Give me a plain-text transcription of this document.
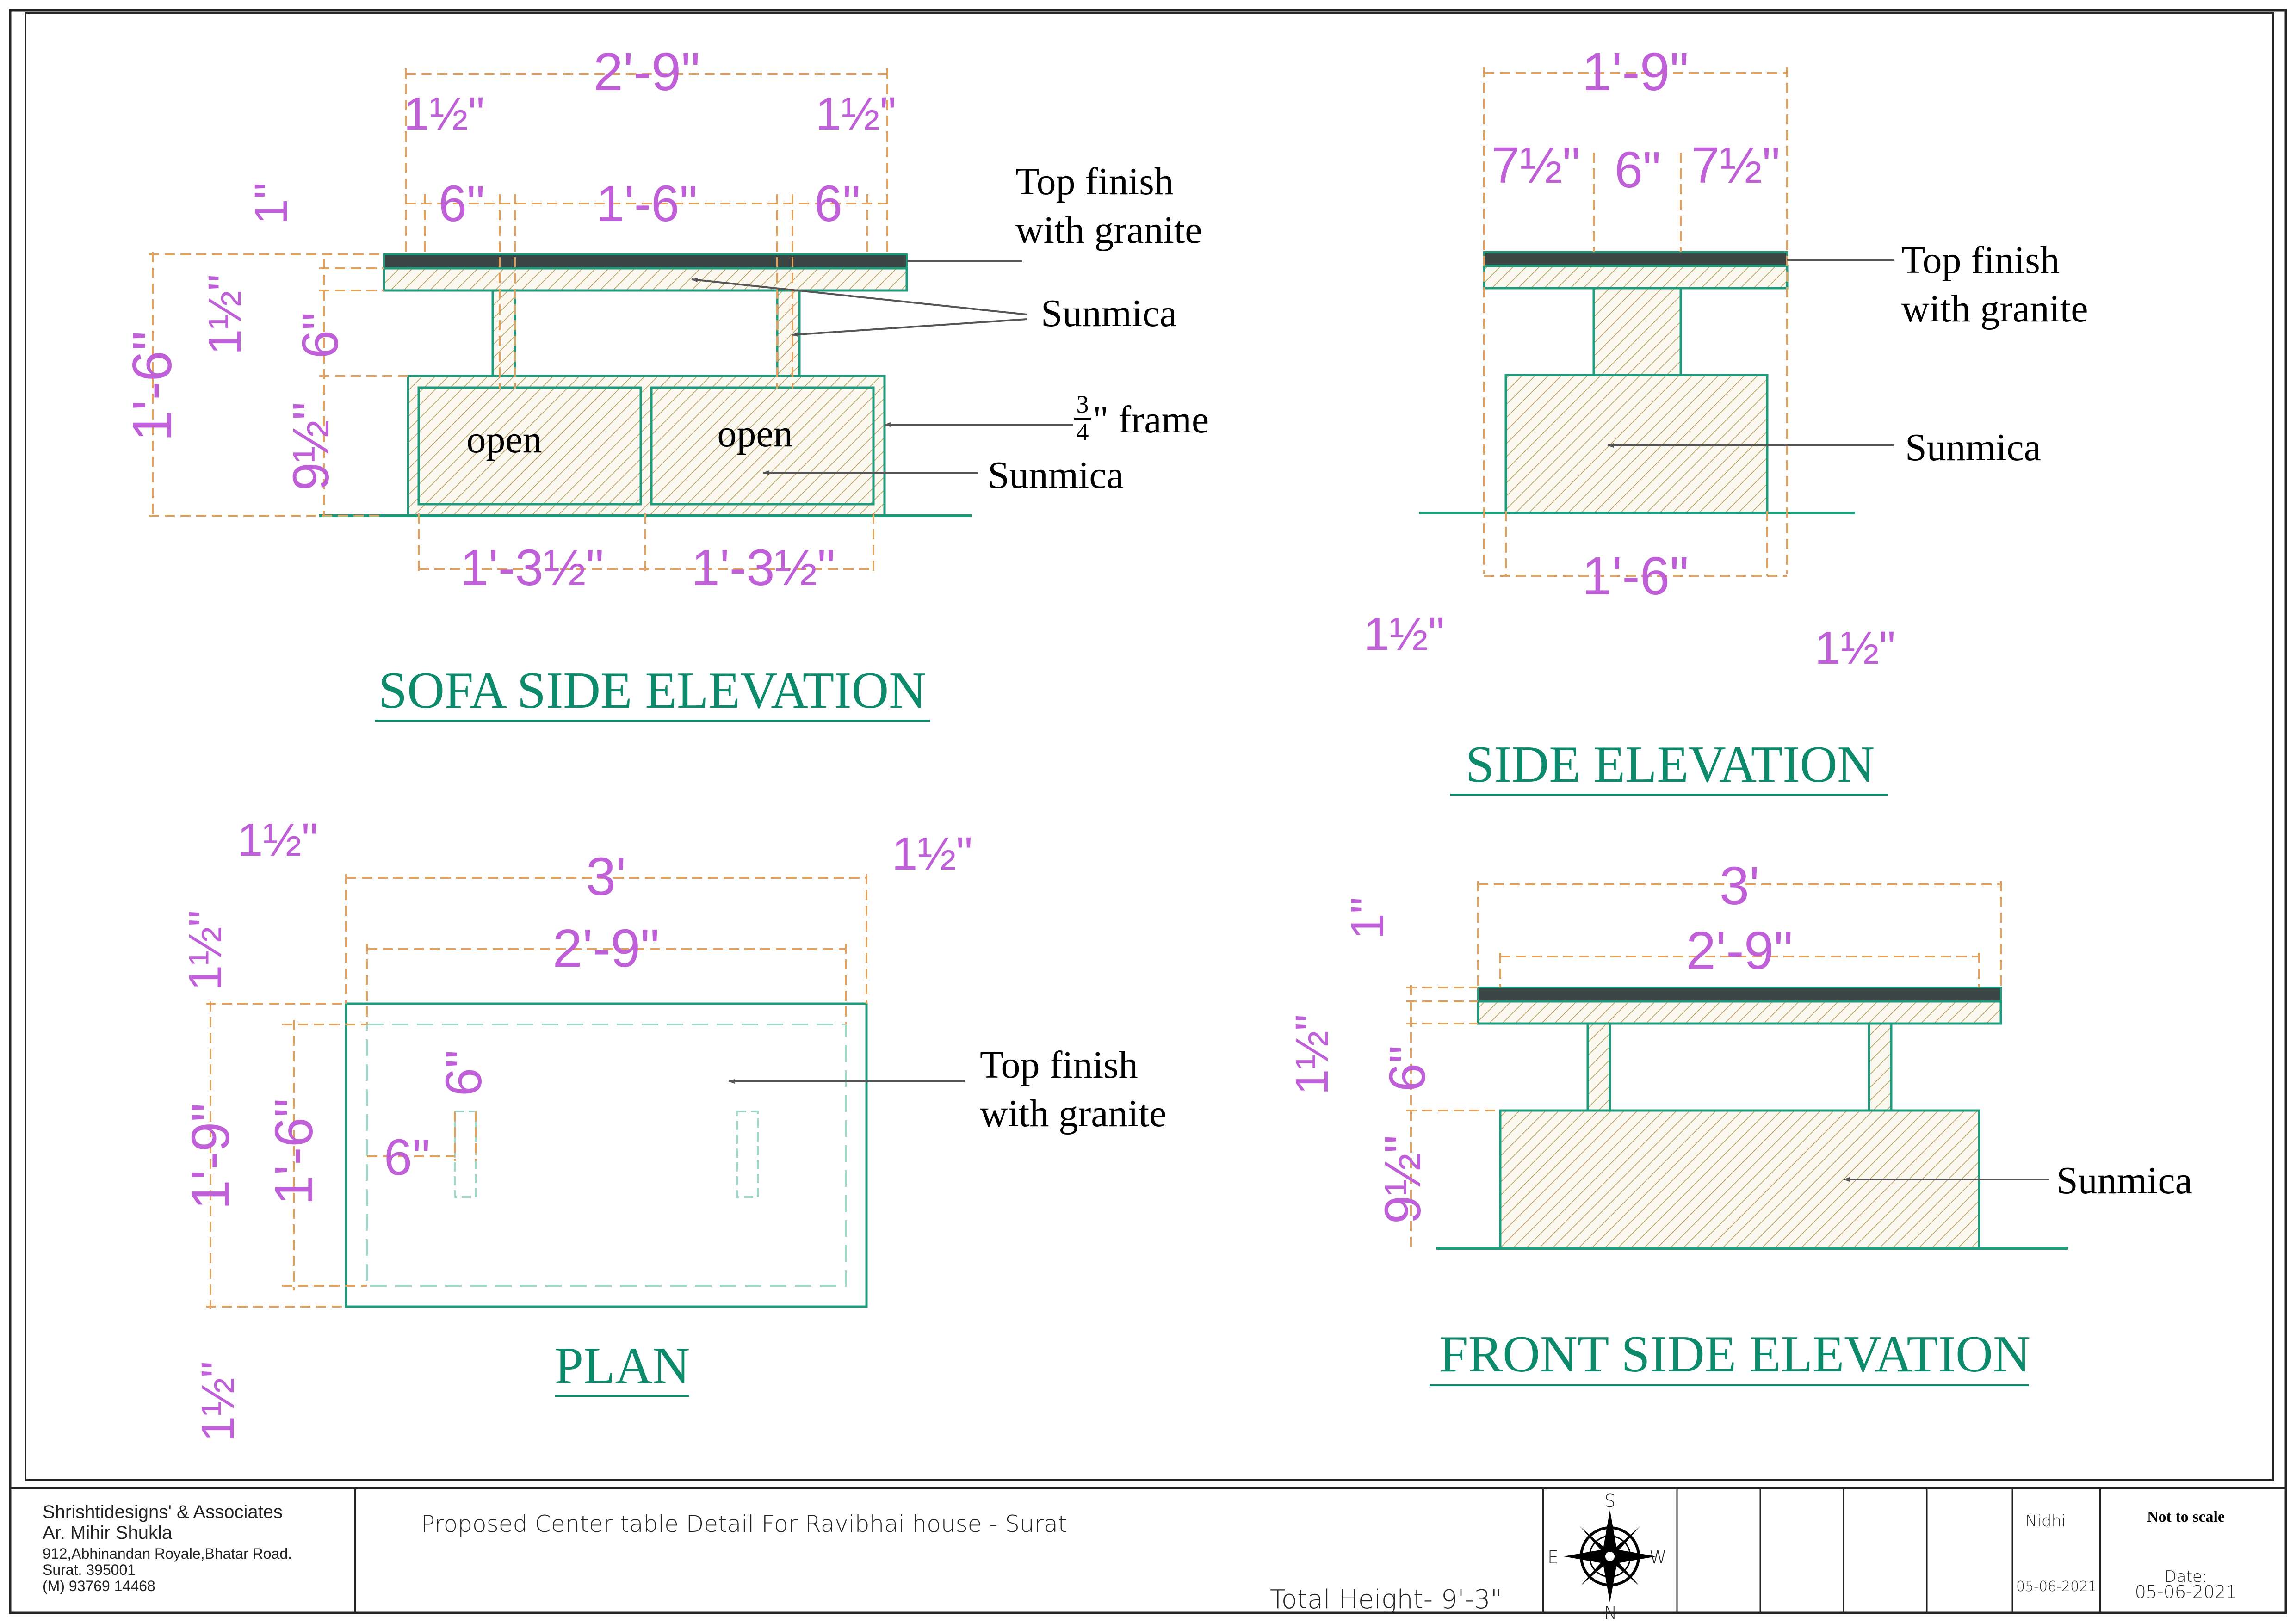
2'-9"
1½"	1½"
6" 1'-6" 6"
1"
1½" 6"
1'-6"
9½"
1'-3½" 1'-3½"
open	open
Top finish
with granite
Sunmica
3
4 " frame
Sunmica
SOFA SIDE ELEVATION
1'-9"
7½" 6" 7½"
1'-6"
1½"	1½"
Top finish
with granite
Sunmica
SIDE ELEVATION
3'
2'-9"
1½"	1½"
1½"
1½"
1'-9" 1'-6"
6"
6"
Top finish
with granite
PLAN
3'
2'-9"
1"
1½" 6"
9½"	Sunmica
FRONT SIDE ELEVATION
Shrishtidesigns' & Associates
Ar. Mihir Shukla
912,Abhinandan Royale,Bhatar Road.
Surat. 395001
(M) 93769 14468
Proposed Center table Detail For Ravibhai house - Surat
Total Height- 9'-3"
S
E	W
N
Nidhi
05-06-2021
Not to scale
Date:
05-06-2021
